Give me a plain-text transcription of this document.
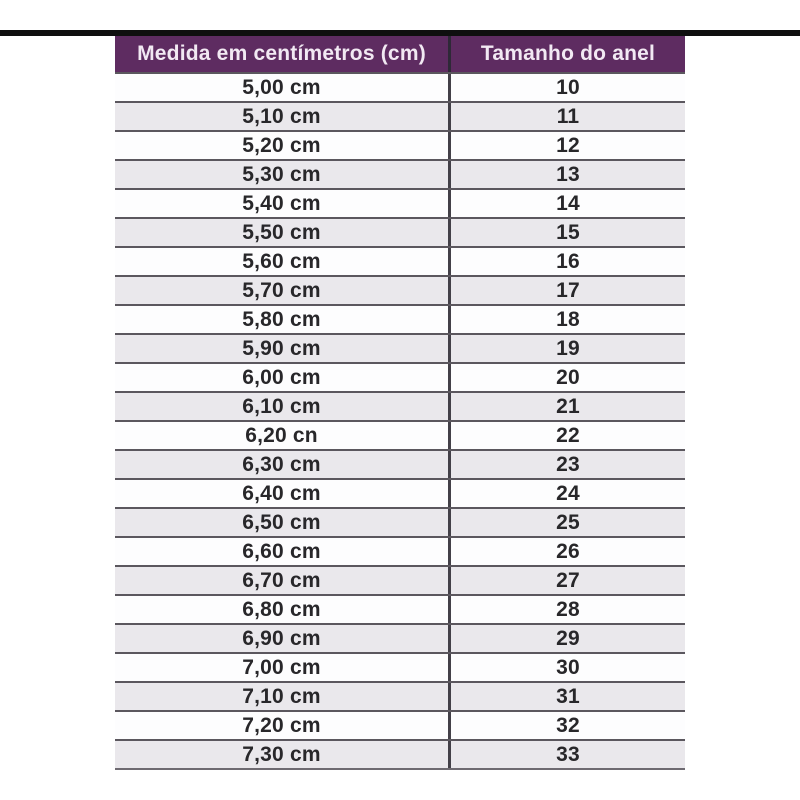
Medida em centímetros (cm)	Tamanho do anel
5,00 cm	10
5,10 cm	11
5,20 cm	12
5,30 cm	13
5,40 cm	14
5,50 cm	15
5,60 cm	16
5,70 cm	17
5,80 cm	18
5,90 cm	19
6,00 cm	20
6,10 cm	21
6,20 cn	22
6,30 cm	23
6,40 cm	24
6,50 cm	25
6,60 cm	26
6,70 cm	27
6,80 cm	28
6,90 cm	29
7,00 cm	30
7,10 cm	31
7,20 cm	32
7,30 cm	33
